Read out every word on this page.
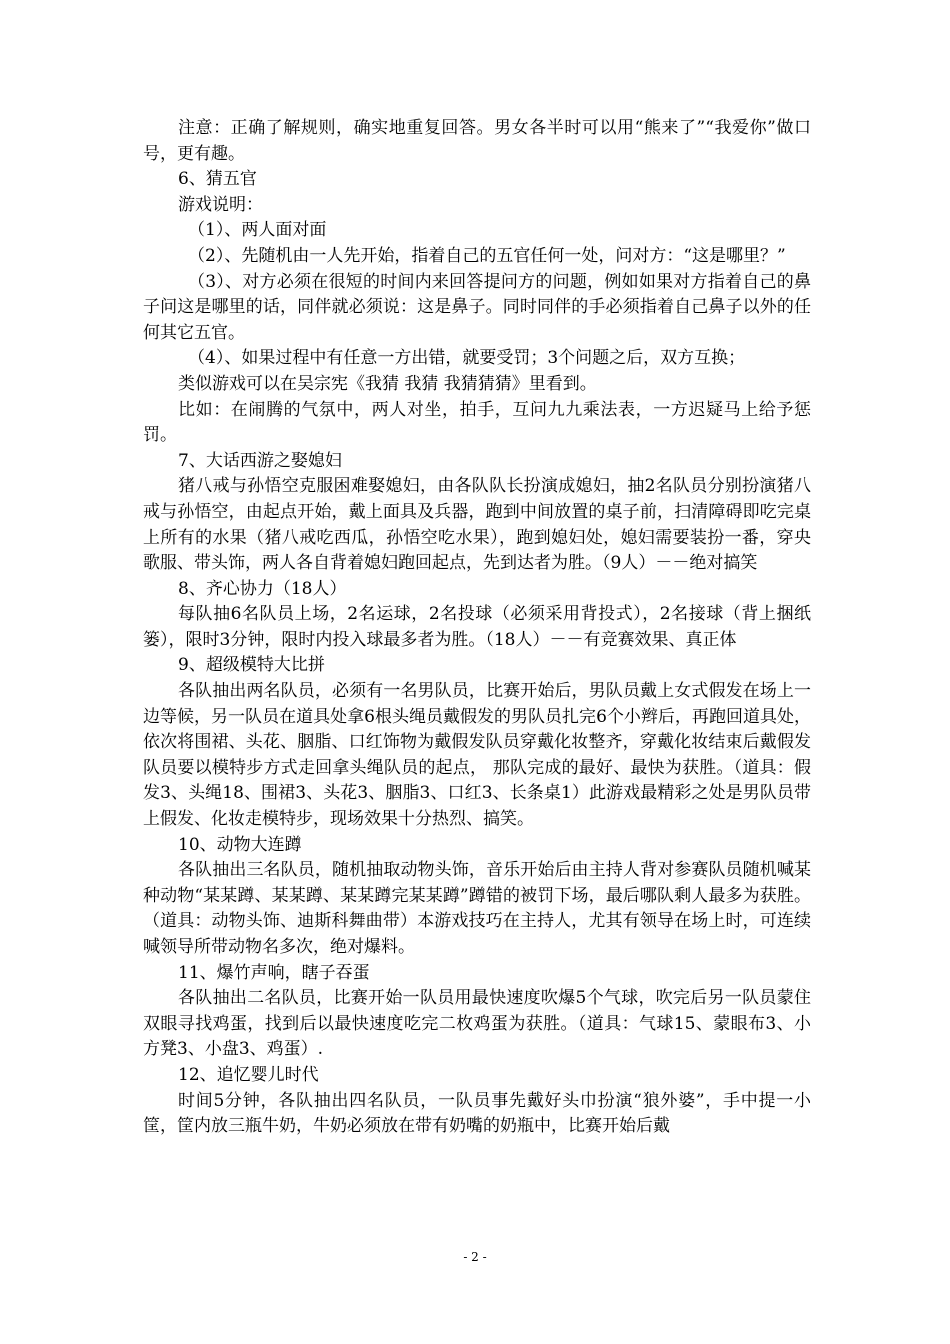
注意：正确了解规则，确实地重复回答。男女各半时可以用“熊来了”“我爱你”做口号，更有趣。

6、猜五官

游戏说明：

（1）、两人面对面

（2）、先随机由一人先开始，指着自己的五官任何一处，问对方：“这是哪里？”

（3）、对方必须在很短的时间内来回答提问方的问题，例如如果对方指着自己的鼻子问这是哪里的话，同伴就必须说：这是鼻子。同时同伴的手必须指着自己鼻子以外的任何其它五官。

（4）、如果过程中有任意一方出错，就要受罚；3个问题之后，双方互换；

类似游戏可以在吴宗宪《我猜 我猜 我猜猜猜》里看到。

比如：在闹腾的气氛中，两人对坐，拍手，互问九九乘法表，一方迟疑马上给予惩罚。

7、大话西游之娶媳妇

猪八戒与孙悟空克服困难娶媳妇，由各队队长扮演成媳妇，抽2名队员分别扮演猪八戒与孙悟空，由起点开始，戴上面具及兵器，跑到中间放置的桌子前，扫清障碍即吃完桌上所有的水果（猪八戒吃西瓜，孙悟空吃水果），跑到媳妇处，媳妇需要装扮一番，穿央歌服、带头饰，两人各自背着媳妇跑回起点，先到达者为胜。（9人）－－绝对搞笑

8、齐心协力（18人）

每队抽6名队员上场，2名运球，2名投球（必须采用背投式），2名接球（背上捆纸篓），限时3分钟，限时内投入球最多者为胜。（18人）－－有竞赛效果、真正体

9、超级模特大比拼

各队抽出两名队员，必须有一名男队员，比赛开始后，男队员戴上女式假发在场上一边等候，另一队员在道具处拿6根头绳员戴假发的男队员扎完6个小辫后，再跑回道具处，依次将围裙、头花、胭脂、口红饰物为戴假发队员穿戴化妆整齐，穿戴化妆结束后戴假发队员要以模特步方式走回拿头绳队员的起点， 那队完成的最好、最快为获胜。（道具：假发3、头绳18、围裙3、头花3、胭脂3、口红3、长条桌1）此游戏最精彩之处是男队员带上假发、化妆走模特步，现场效果十分热烈、搞笑。

10、动物大连蹲

各队抽出三名队员，随机抽取动物头饰，音乐开始后由主持人背对参赛队员随机喊某种动物“某某蹲、某某蹲、某某蹲完某某蹲”蹲错的被罚下场，最后哪队剩人最多为获胜。（道具：动物头饰、迪斯科舞曲带）本游戏技巧在主持人，尤其有领导在场上时，可连续喊领导所带动物名多次，绝对爆料。

11、爆竹声响，瞎子吞蛋

各队抽出二名队员，比赛开始一队员用最快速度吹爆5个气球，吹完后另一队员蒙住双眼寻找鸡蛋，找到后以最快速度吃完二枚鸡蛋为获胜。（道具：气球15、蒙眼布3、小方凳3、小盘3、鸡蛋）.

12、追忆婴儿时代

时间5分钟，各队抽出四名队员，一队员事先戴好头巾扮演“狼外婆”，手中提一小筐，筐内放三瓶牛奶，牛奶必须放在带有奶嘴的奶瓶中，比赛开始后戴

- 2 -
